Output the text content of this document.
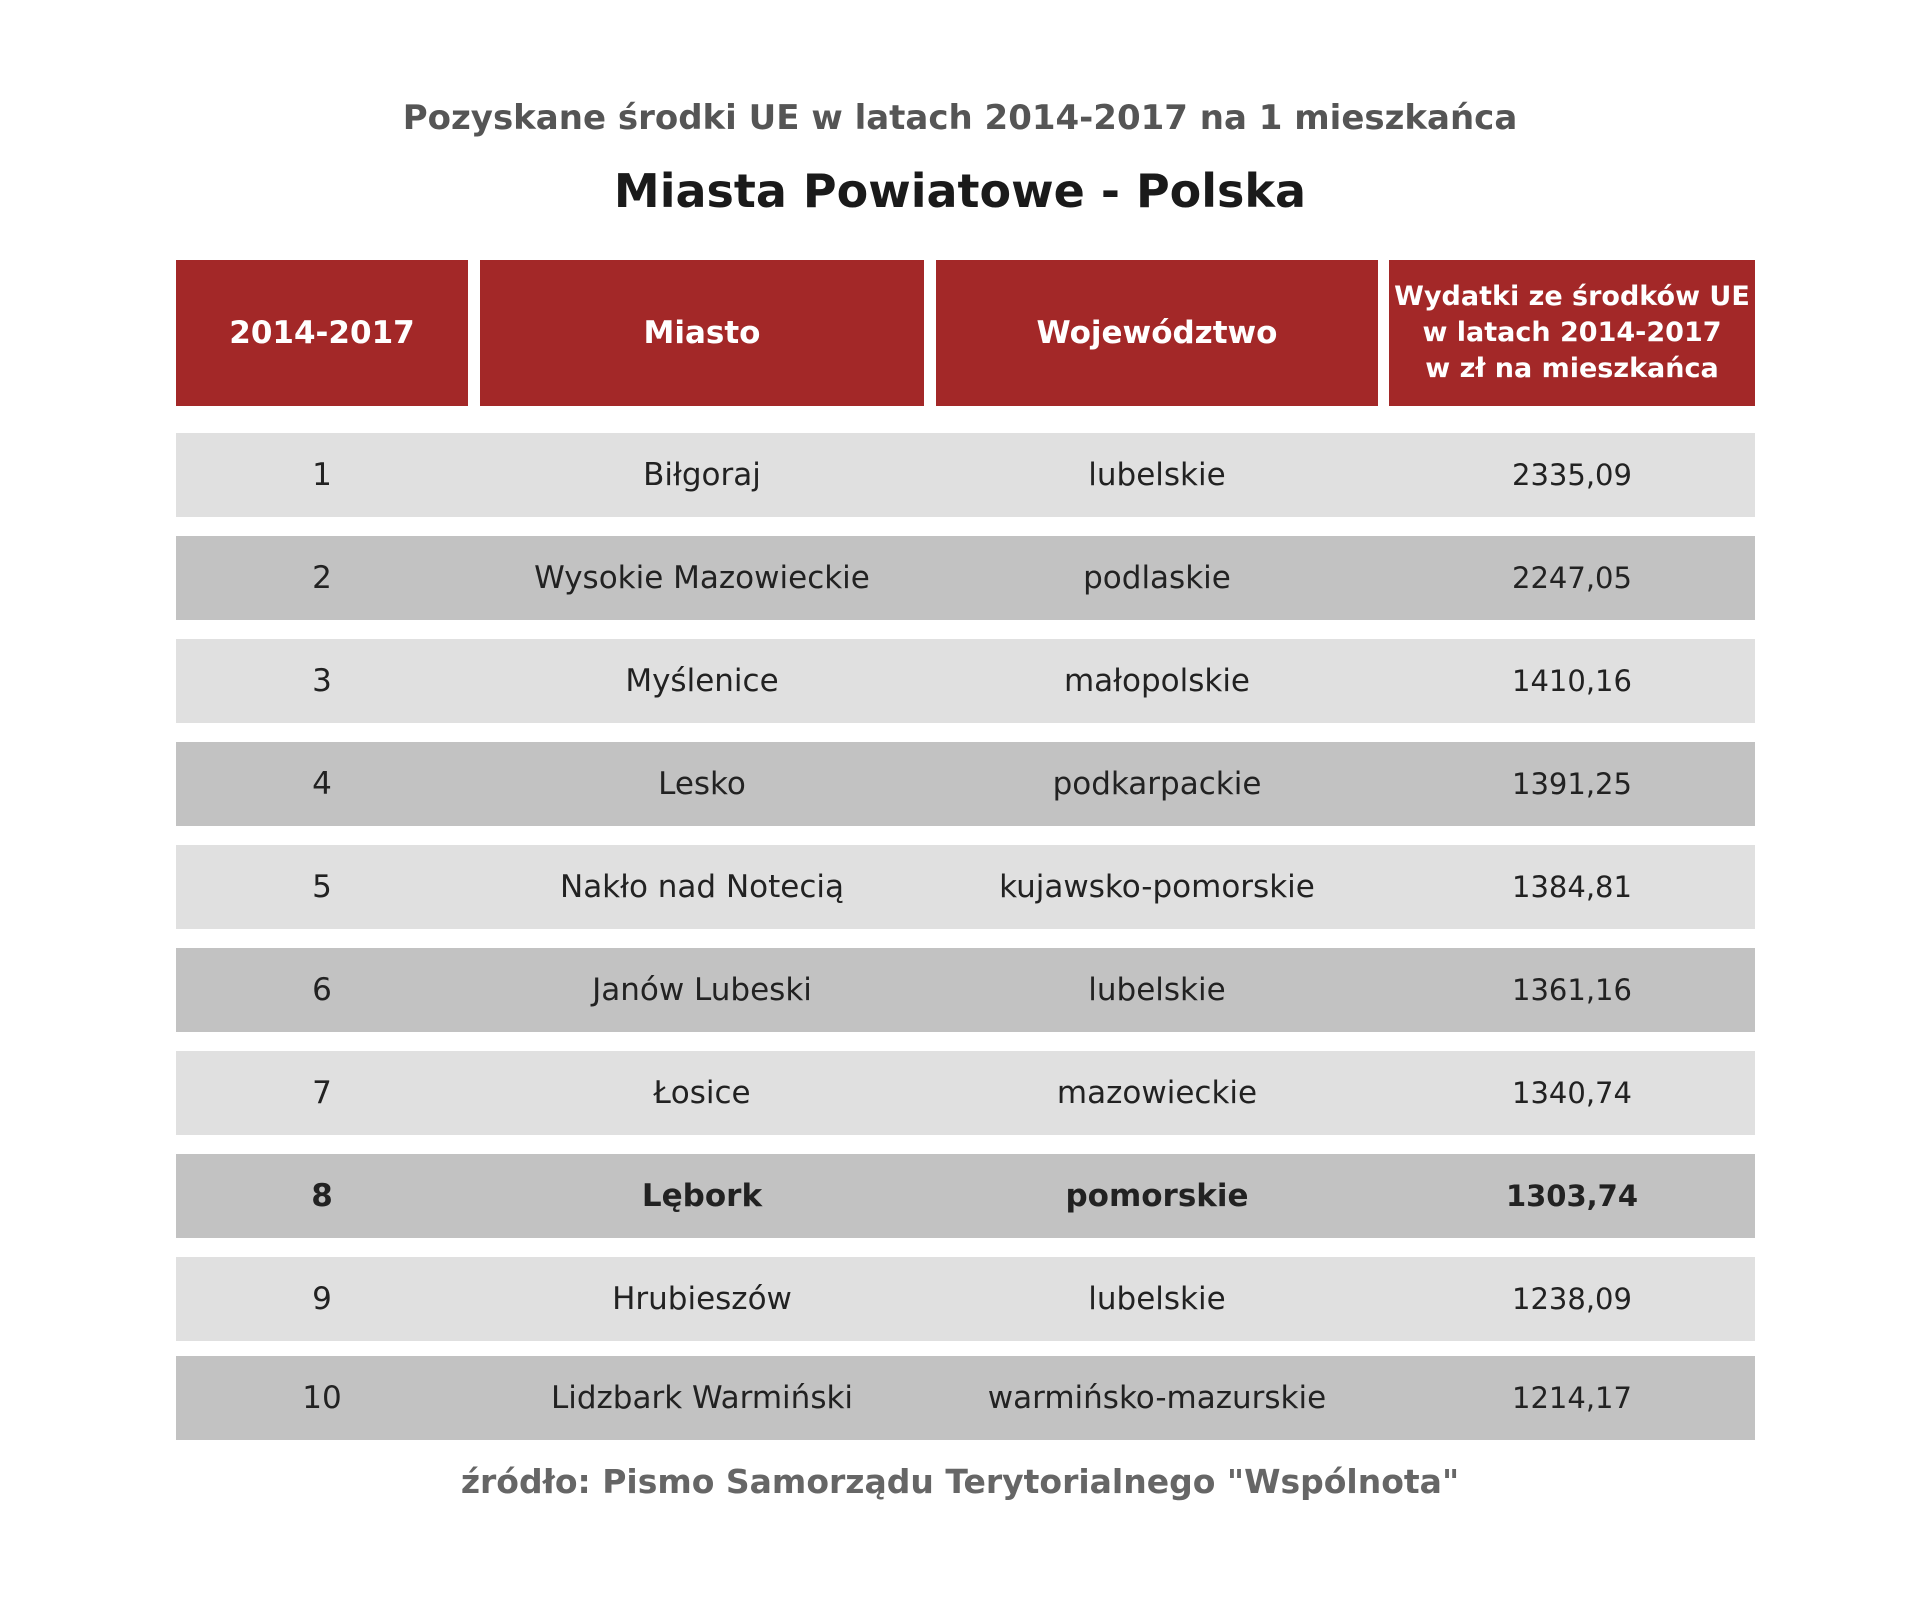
Pozyskane środki UE w latach 2014-2017 na 1 mieszkańca
Miasta Powiatowe - Polska
2014-2017	Miasto	Województwo
Wydatki ze środków UE
w latach 2014-2017
w zł na mieszkańca
1	Biłgoraj	lubelskie	2335,09
2	Wysokie Mazowieckie	podlaskie	2247,05
3	Myślenice	małopolskie	1410,16
4	Lesko	podkarpackie	1391,25
5	Nakło nad Notecią	kujawsko-pomorskie	1384,81
6	Janów Lubeski	lubelskie	1361,16
7	Łosice	mazowieckie	1340,74
8	Lębork	pomorskie	1303,74
9	Hrubieszów	lubelskie	1238,09
10	Lidzbark Warmiński	warmińsko-mazurskie	1214,17
źródło: Pismo Samorządu Terytorialnego "Wspólnota"
